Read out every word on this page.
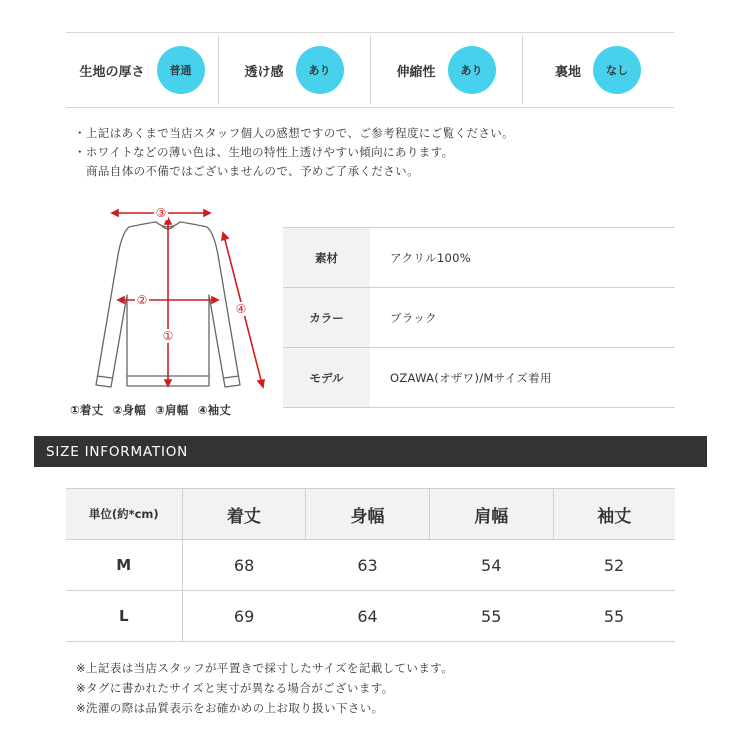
生地の厚さ	普通	透け感	あり	伸縮性	あり	裏地	なし

・上記はあくまで当店スタッフ個人の感想ですので、ご参考程度にご覧ください。

・ホワイトなどの薄い色は、生地の特性上透けやすい傾向にあります。

商品自体の不備ではございませんので、予めご了承ください。

③
②
①
④
①着丈 ②身幅 ③肩幅 ④袖丈
素材	アクリル100%
カラー	ブラック
モデル	OZAWA(オザワ)/Mサイズ着用
SIZE INFORMATION
単位(約*cm)	着丈	身幅	肩幅	袖丈
M	68	63	54	52
L	69	64	55	55

※上記表は当店スタッフが平置きで採寸したサイズを記載しています。

※タグに書かれたサイズと実寸が異なる場合がございます。

※洗濯の際は品質表示をお確かめの上お取り扱い下さい。
